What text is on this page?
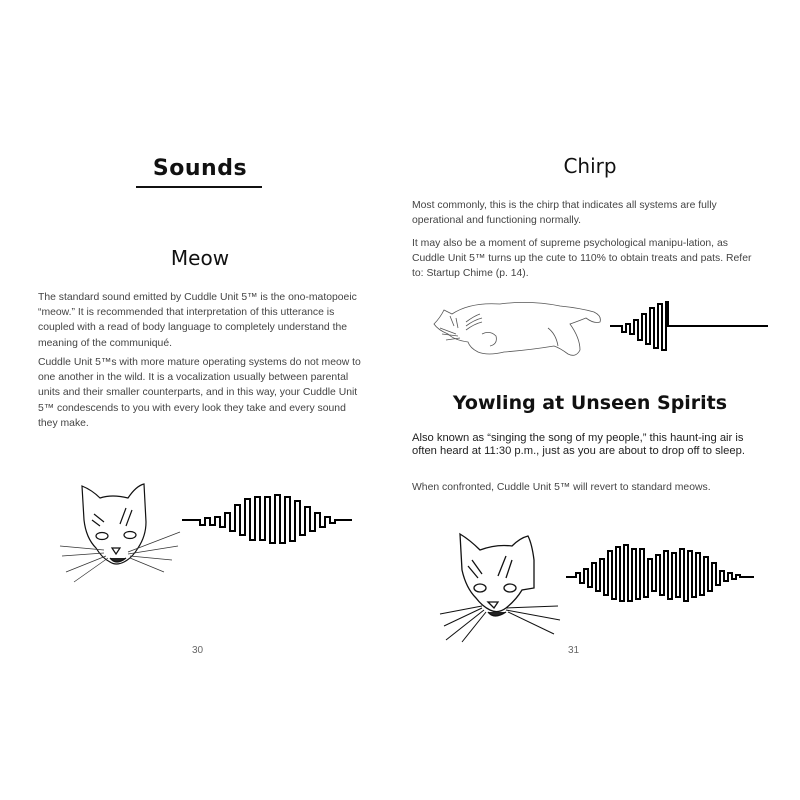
Sounds
Meow

The standard sound emitted by Cuddle Unit 5™ is the ono-matopoeic “meow.” It is recommended that interpretation of this utterance is coupled with a read of body language to completely understand the meaning of the communiqué.

Cuddle Unit 5™s with more mature operating systems do not meow to one another in the wild. It is a vocalization usually between parental units and their smaller counterparts, and in this way, your Cuddle Unit 5™ condescends to you with every look they take and every sound they make.

30
Chirp

Most commonly, this is the chirp that indicates all systems are fully operational and functioning normally.

It may also be a moment of supreme psychological manipu-lation, as Cuddle Unit 5™ turns up the cute to 110% to obtain treats and pats. Refer to: Startup Chime (p. 14).

Yowling at Unseen Spirits

Also known as “singing the song of my people,” this haunt-ing air is often heard at 11:30 p.m., just as you are about to drop off to sleep.

When confronted, Cuddle Unit 5™ will revert to standard meows.

31
